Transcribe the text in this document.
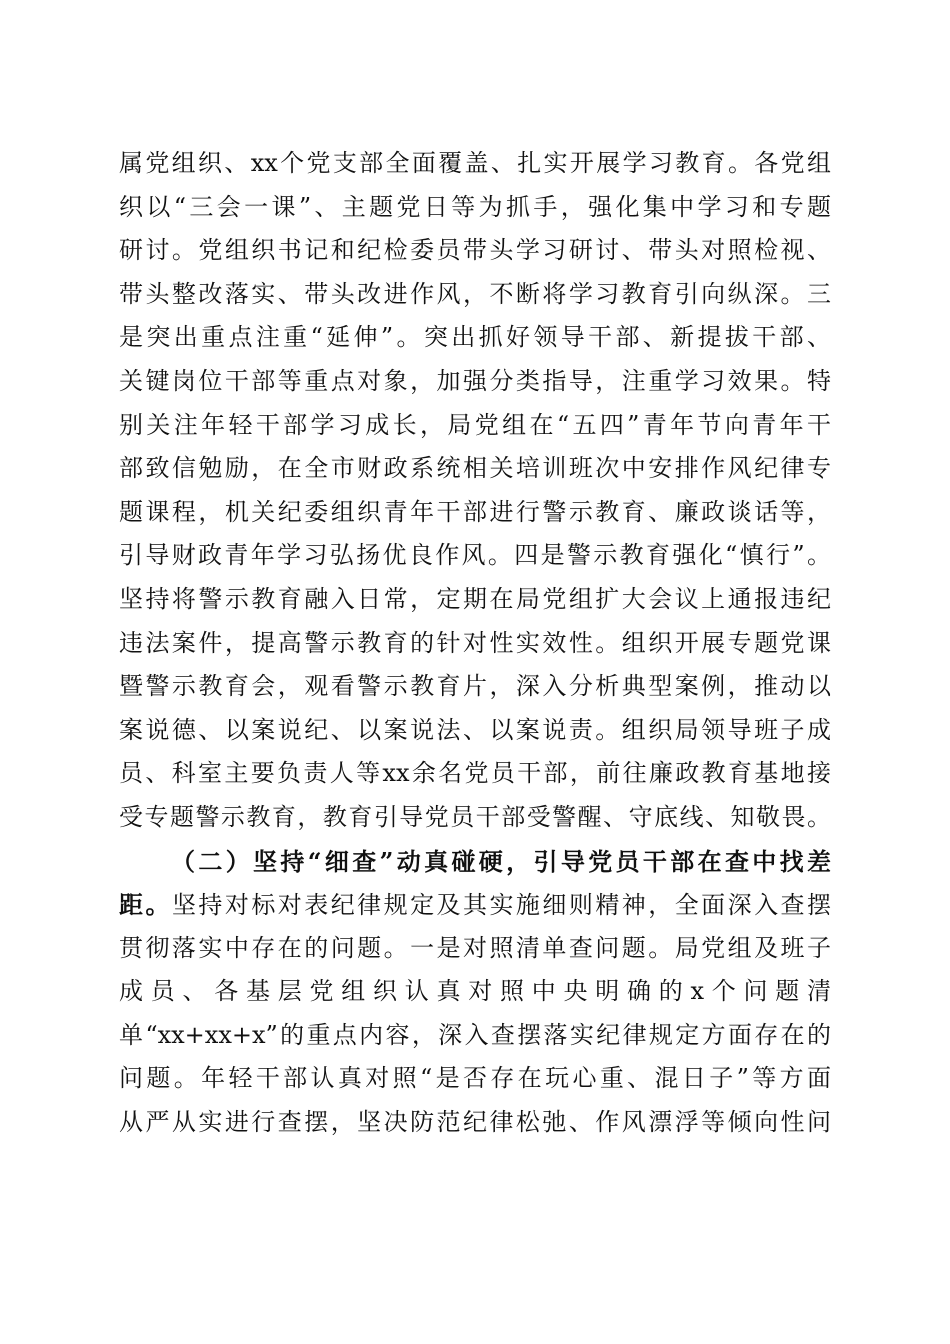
属党组织、xx个党支部全面覆盖、扎实开展学习教育。各党组
织以“三会一课”、主题党日等为抓手，强化集中学习和专题
研讨。党组织书记和纪检委员带头学习研讨、带头对照检视、
带头整改落实、带头改进作风，不断将学习教育引向纵深。三
是突出重点注重“延伸”。突出抓好领导干部、新提拔干部、
关键岗位干部等重点对象，加强分类指导，注重学习效果。特
别关注年轻干部学习成长，局党组在“五四”青年节向青年干
部致信勉励，在全市财政系统相关培训班次中安排作风纪律专
题课程，机关纪委组织青年干部进行警示教育、廉政谈话等，
引导财政青年学习弘扬优良作风。四是警示教育强化“慎行”。
坚持将警示教育融入日常，定期在局党组扩大会议上通报违纪
违法案件，提高警示教育的针对性实效性。组织开展专题党课
暨警示教育会，观看警示教育片，深入分析典型案例，推动以
案说德、以案说纪、以案说法、以案说责。组织局领导班子成
员、科室主要负责人等xx余名党员干部，前往廉政教育基地接
受专题警示教育，教育引导党员干部受警醒、守底线、知敬畏。
（二）坚持“细查”动真碰硬，引导党员干部在查中找差
距。坚持对标对表纪律规定及其实施细则精神，全面深入查摆
贯彻落实中存在的问题。一是对照清单查问题。局党组及班子
成员、各基层党组织认真对照中央明确的x个问题清
单“xx+xx+x”的重点内容，深入查摆落实纪律规定方面存在的
问题。年轻干部认真对照“是否存在玩心重、混日子”等方面
从严从实进行查摆，坚决防范纪律松弛、作风漂浮等倾向性问
